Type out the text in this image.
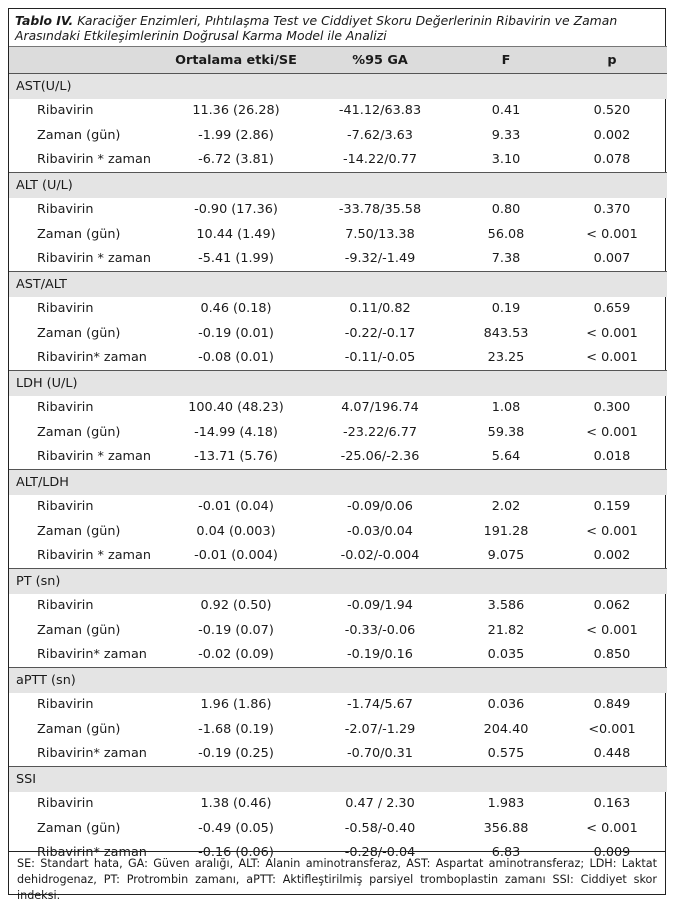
Tablo IV. Karaciğer Enzimleri, Pıhtılaşma Test ve Ciddiyet Skoru Değerlerinin Ribavirin ve Zaman Arasındaki Etkileşimlerinin Doğrusal Karma Model ile Analizi
	Ortalama etki/SE	%95 GA	F	p
AST(U/L)				
Ribavirin	11.36 (26.28)	-41.12/63.83	0.41	0.520
Zaman (gün)	-1.99 (2.86)	-7.62/3.63	9.33	0.002
Ribavirin * zaman	-6.72 (3.81)	-14.22/0.77	3.10	0.078
ALT (U/L)				
Ribavirin	-0.90 (17.36)	-33.78/35.58	0.80	0.370
Zaman (gün)	10.44 (1.49)	7.50/13.38	56.08	< 0.001
Ribavirin * zaman	-5.41 (1.99)	-9.32/-1.49	7.38	0.007
AST/ALT				
Ribavirin	0.46 (0.18)	0.11/0.82	0.19	0.659
Zaman (gün)	-0.19 (0.01)	-0.22/-0.17	843.53	< 0.001
Ribavirin* zaman	-0.08 (0.01)	-0.11/-0.05	23.25	< 0.001
LDH (U/L)				
Ribavirin	100.40 (48.23)	4.07/196.74	1.08	0.300
Zaman (gün)	-14.99 (4.18)	-23.22/6.77	59.38	< 0.001
Ribavirin * zaman	-13.71 (5.76)	-25.06/-2.36	5.64	0.018
ALT/LDH				
Ribavirin	-0.01 (0.04)	-0.09/0.06	2.02	0.159
Zaman (gün)	0.04 (0.003)	-0.03/0.04	191.28	< 0.001
Ribavirin * zaman	-0.01 (0.004)	-0.02/-0.004	9.075	0.002
PT (sn)				
Ribavirin	0.92 (0.50)	-0.09/1.94	3.586	0.062
Zaman (gün)	-0.19 (0.07)	-0.33/-0.06	21.82	< 0.001
Ribavirin* zaman	-0.02 (0.09)	-0.19/0.16	0.035	0.850
aPTT (sn)				
Ribavirin	1.96 (1.86)	-1.74/5.67	0.036	0.849
Zaman (gün)	-1.68 (0.19)	-2.07/-1.29	204.40	<0.001
Ribavirin* zaman	-0.19 (0.25)	-0.70/0.31	0.575	0.448
SSI				
Ribavirin	1.38 (0.46)	0.47 / 2.30	1.983	0.163
Zaman (gün)	-0.49 (0.05)	-0.58/-0.40	356.88	< 0.001
Ribavirin* zaman	-0.16 (0.06)	-0.28/-0.04	6.83	0.009
SE: Standart hata, GA: Güven aralığı, ALT: Alanin aminotransferaz, AST: Aspartat aminotransferaz; LDH: Laktat dehidrogenaz, PT: Protrombin zamanı, aPTT: Aktifleştirilmiş parsiyel tromboplastin zamanı SSI: Ciddiyet skor indeksi.
